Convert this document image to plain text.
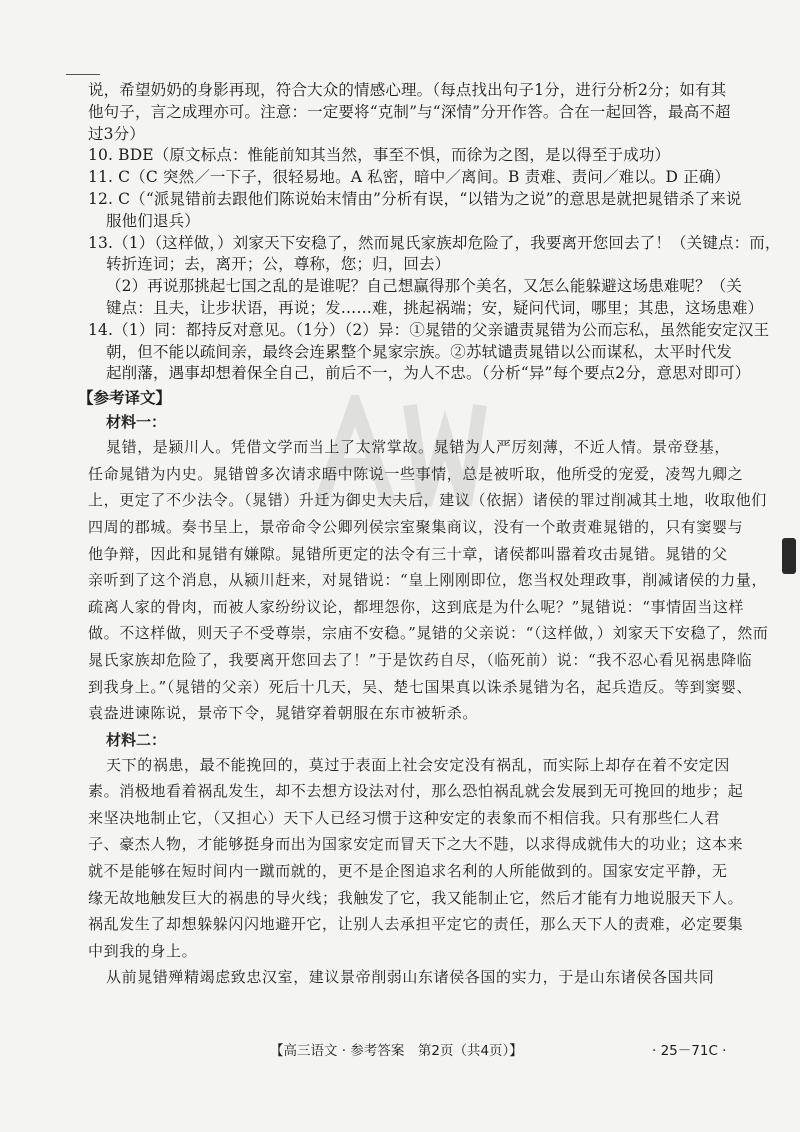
说，希望奶奶的身影再现，符合大众的情感心理。（每点找出句子1分，进行分析2分；如有其
他句子，言之成理亦可。注意：一定要将“克制”与“深情”分开作答。合在一起回答，最高不超
过3分）
10. BDE（原文标点：惟能前知其当然，事至不惧，而徐为之图，是以得至于成功）
11. C（C 突然／一下子，很轻易地。A 私密，暗中／离间。B 责难、责问／难以。D 正确）
12. C（“派晁错前去跟他们陈说始末情由”分析有误，“以错为之说”的意思是就把晁错杀了来说
服他们退兵）
13.（1）（这样做，）刘家天下安稳了，然而晁氏家族却危险了，我要离开您回去了！（关键点：而，
转折连词；去，离开；公，尊称，您；归，回去）
（2）再说那挑起七国之乱的是谁呢？自己想赢得那个美名，又怎么能躲避这场患难呢？（关
键点：且夫，让步状语，再说；发……难，挑起祸端；安，疑问代词，哪里；其患，这场患难）
14.（1）同：都持反对意见。（1分）（2）异：①晁错的父亲谴责晁错为公而忘私，虽然能安定汉王
朝，但不能以疏间亲，最终会连累整个晁家宗族。②苏轼谴责晁错以公而谋私，太平时代发
起削藩，遇事却想着保全自己，前后不一，为人不忠。（分析“异”每个要点2分，意思对即可）
【参考译文】
材料一：
晁错，是颍川人。凭借文学而当上了太常掌故。晁错为人严厉刻薄，不近人情。景帝登基，
任命晁错为内史。晁错曾多次请求晤中陈说一些事情，总是被听取，他所受的宠爱，凌驾九卿之
上，更定了不少法令。（晁错）升迁为御史大夫后，建议（依据）诸侯的罪过削减其土地，收取他们
四周的郡城。奏书呈上，景帝命令公卿列侯宗室聚集商议，没有一个敢责难晁错的，只有窦婴与
他争辩，因此和晁错有嫌隙。晁错所更定的法令有三十章，诸侯都叫嚣着攻击晁错。晁错的父
亲听到了这个消息，从颍川赶来，对晁错说：“皇上刚刚即位，您当权处理政事，削减诸侯的力量，
疏离人家的骨肉，而被人家纷纷议论，都埋怨你，这到底是为什么呢？”晁错说：“事情固当这样
做。不这样做，则天子不受尊崇，宗庙不安稳。”晁错的父亲说：“（这样做，）刘家天下安稳了，然而
晁氏家族却危险了，我要离开您回去了！”于是饮药自尽，（临死前）说：“我不忍心看见祸患降临
到我身上。”（晁错的父亲）死后十几天，吴、楚七国果真以诛杀晁错为名，起兵造反。等到窦婴、
袁盎进谏陈说，景帝下令，晁错穿着朝服在东市被斩杀。
材料二：
天下的祸患，最不能挽回的，莫过于表面上社会安定没有祸乱，而实际上却存在着不安定因
素。消极地看着祸乱发生，却不去想方设法对付，那么恐怕祸乱就会发展到无可挽回的地步；起
来坚决地制止它，（又担心）天下人已经习惯于这种安定的表象而不相信我。只有那些仁人君
子、豪杰人物，才能够挺身而出为国家安定而冒天下之大不韪，以求得成就伟大的功业；这本来
就不是能够在短时间内一蹴而就的，更不是企图追求名利的人所能做到的。国家安定平静，无
缘无故地触发巨大的祸患的导火线；我触发了它，我又能制止它，然后才能有力地说服天下人。
祸乱发生了却想躲躲闪闪地避开它，让别人去承担平定它的责任，那么天下人的责难，必定要集
中到我的身上。
从前晁错殚精竭虑致忠汉室，建议景帝削弱山东诸侯各国的实力，于是山东诸侯各国共同
【高三语文 · 参考答案　第2页（共4页）】	· 25－71C ·
